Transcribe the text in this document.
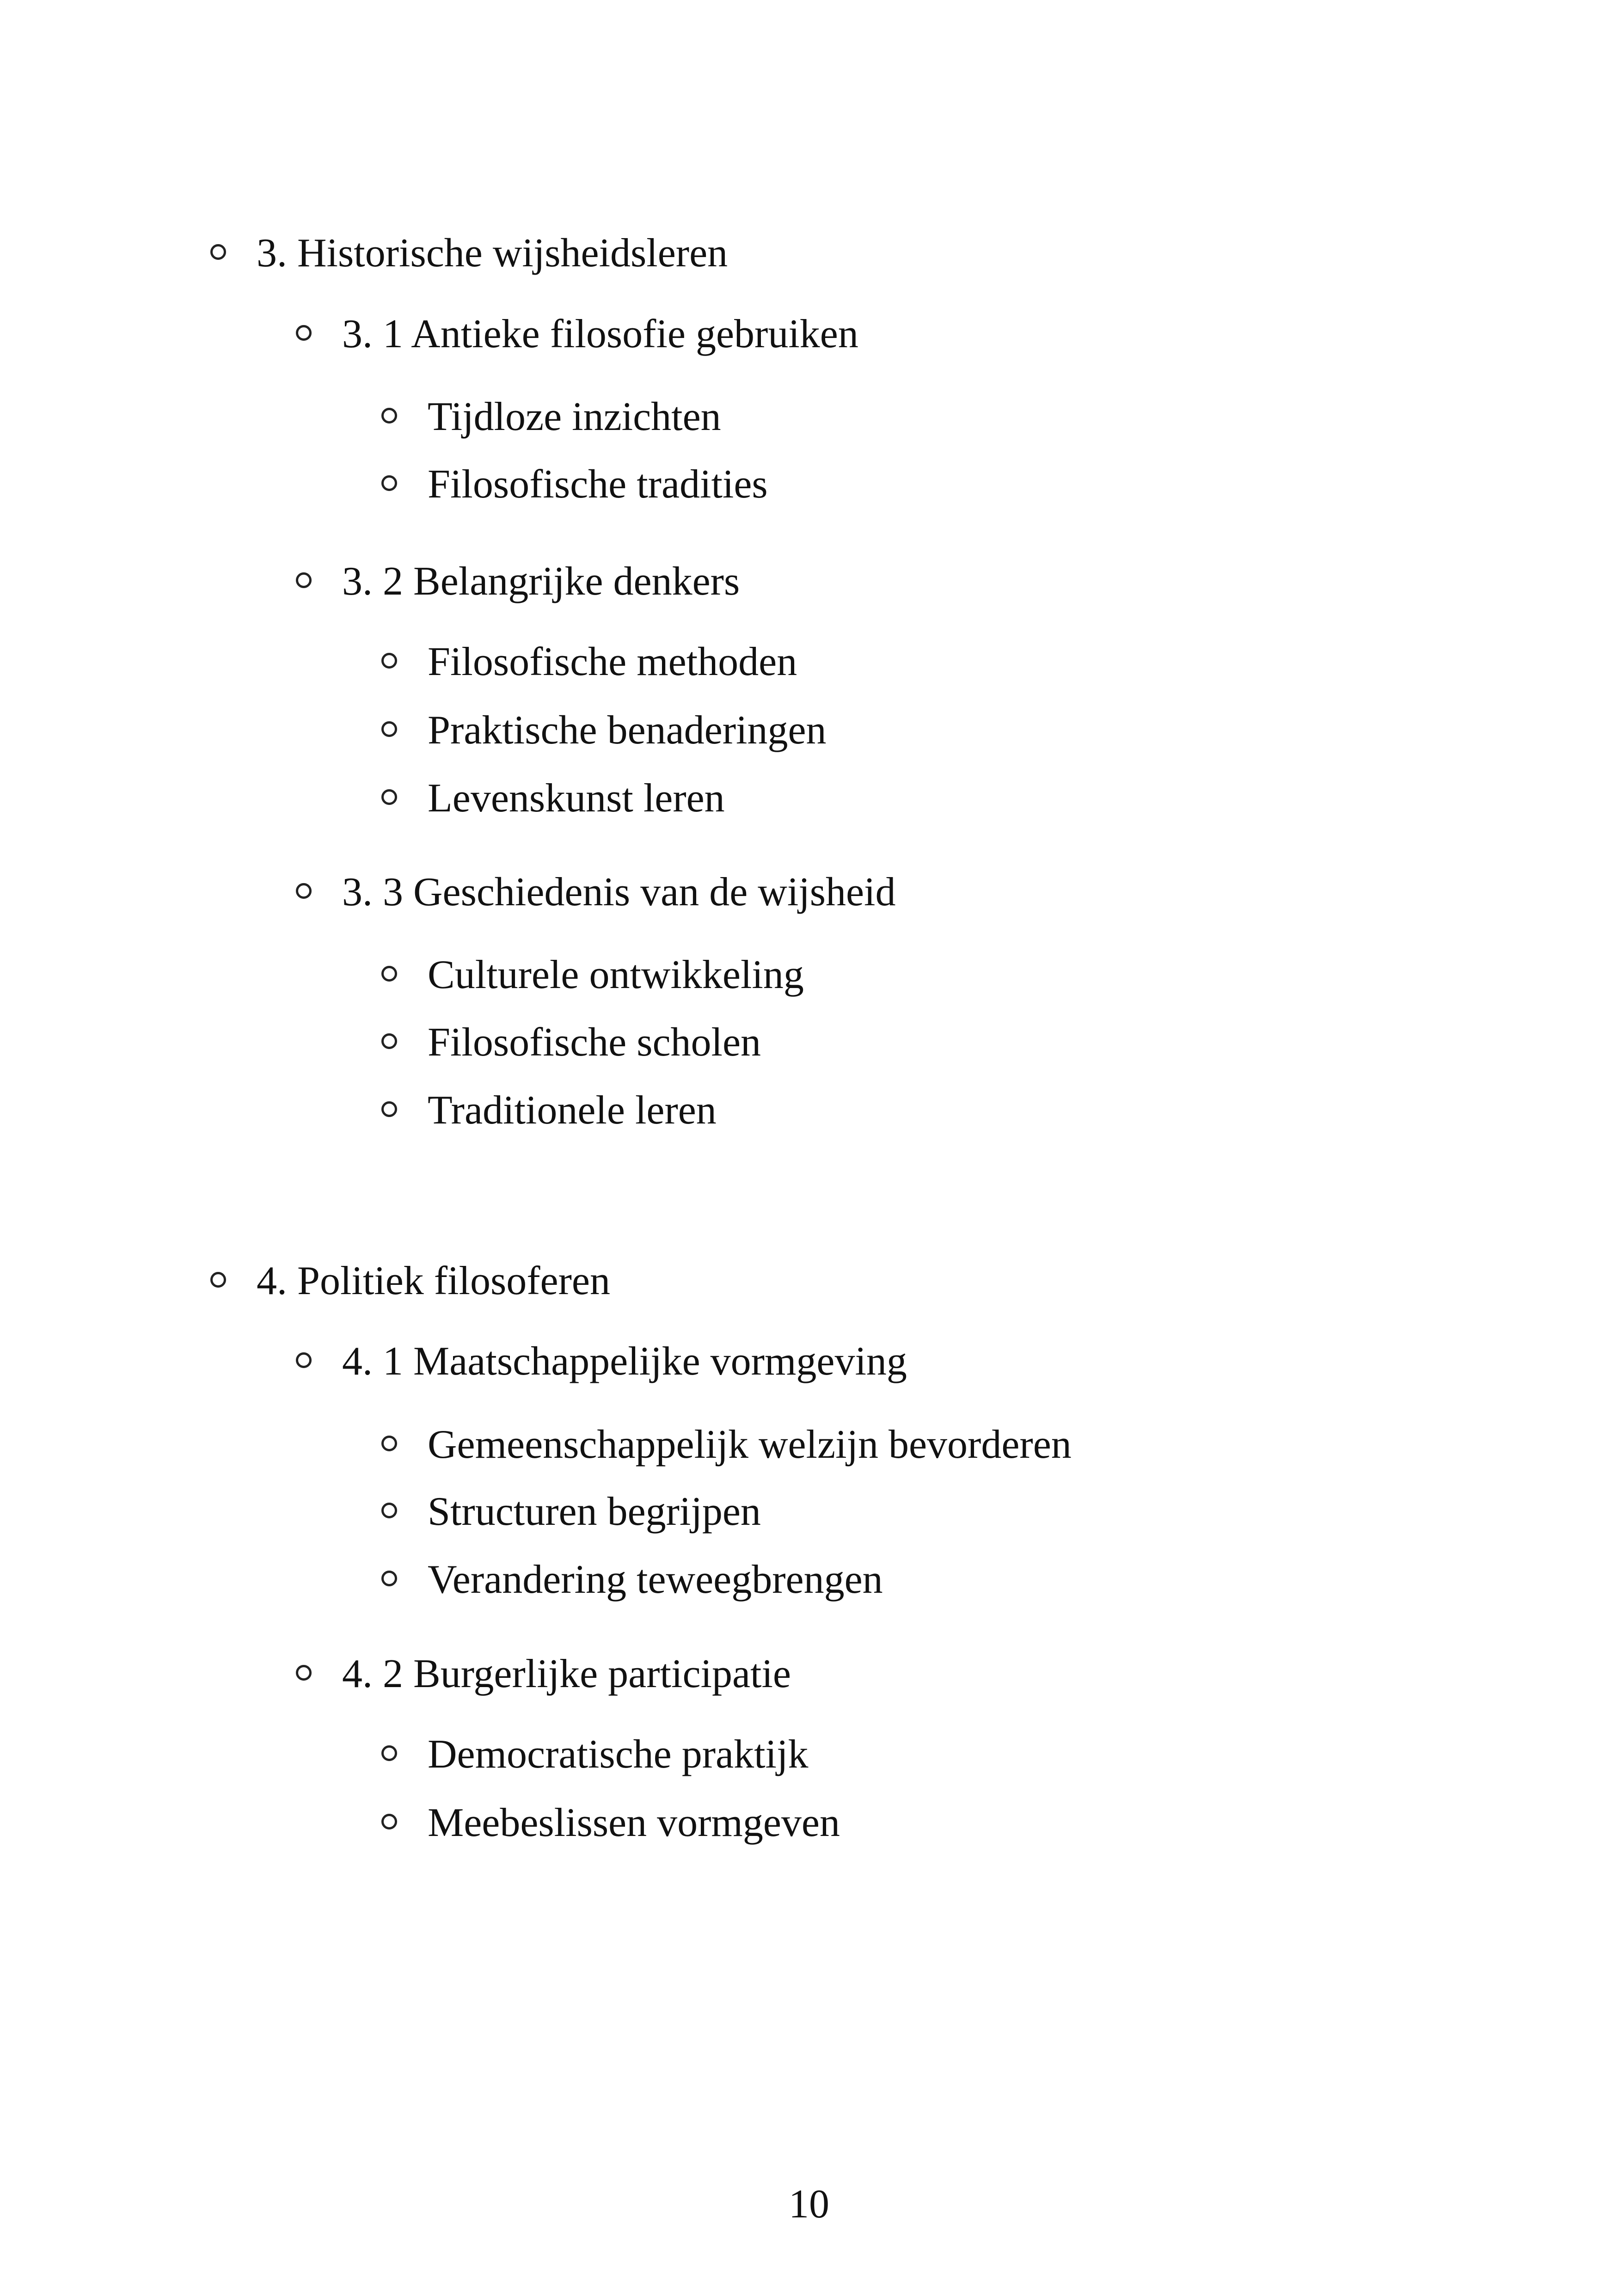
3. Historische wijsheidsleren
3. 1 Antieke filosofie gebruiken
Tijdloze inzichten
Filosofische tradities
3. 2 Belangrijke denkers
Filosofische methoden
Praktische benaderingen
Levenskunst leren
3. 3 Geschiedenis van de wijsheid
Culturele ontwikkeling
Filosofische scholen
Traditionele leren
4. Politiek filosoferen
4. 1 Maatschappelijke vormgeving
Gemeenschappelijk welzijn bevorderen
Structuren begrijpen
Verandering teweegbrengen
4. 2 Burgerlijke participatie
Democratische praktijk
Meebeslissen vormgeven
10
